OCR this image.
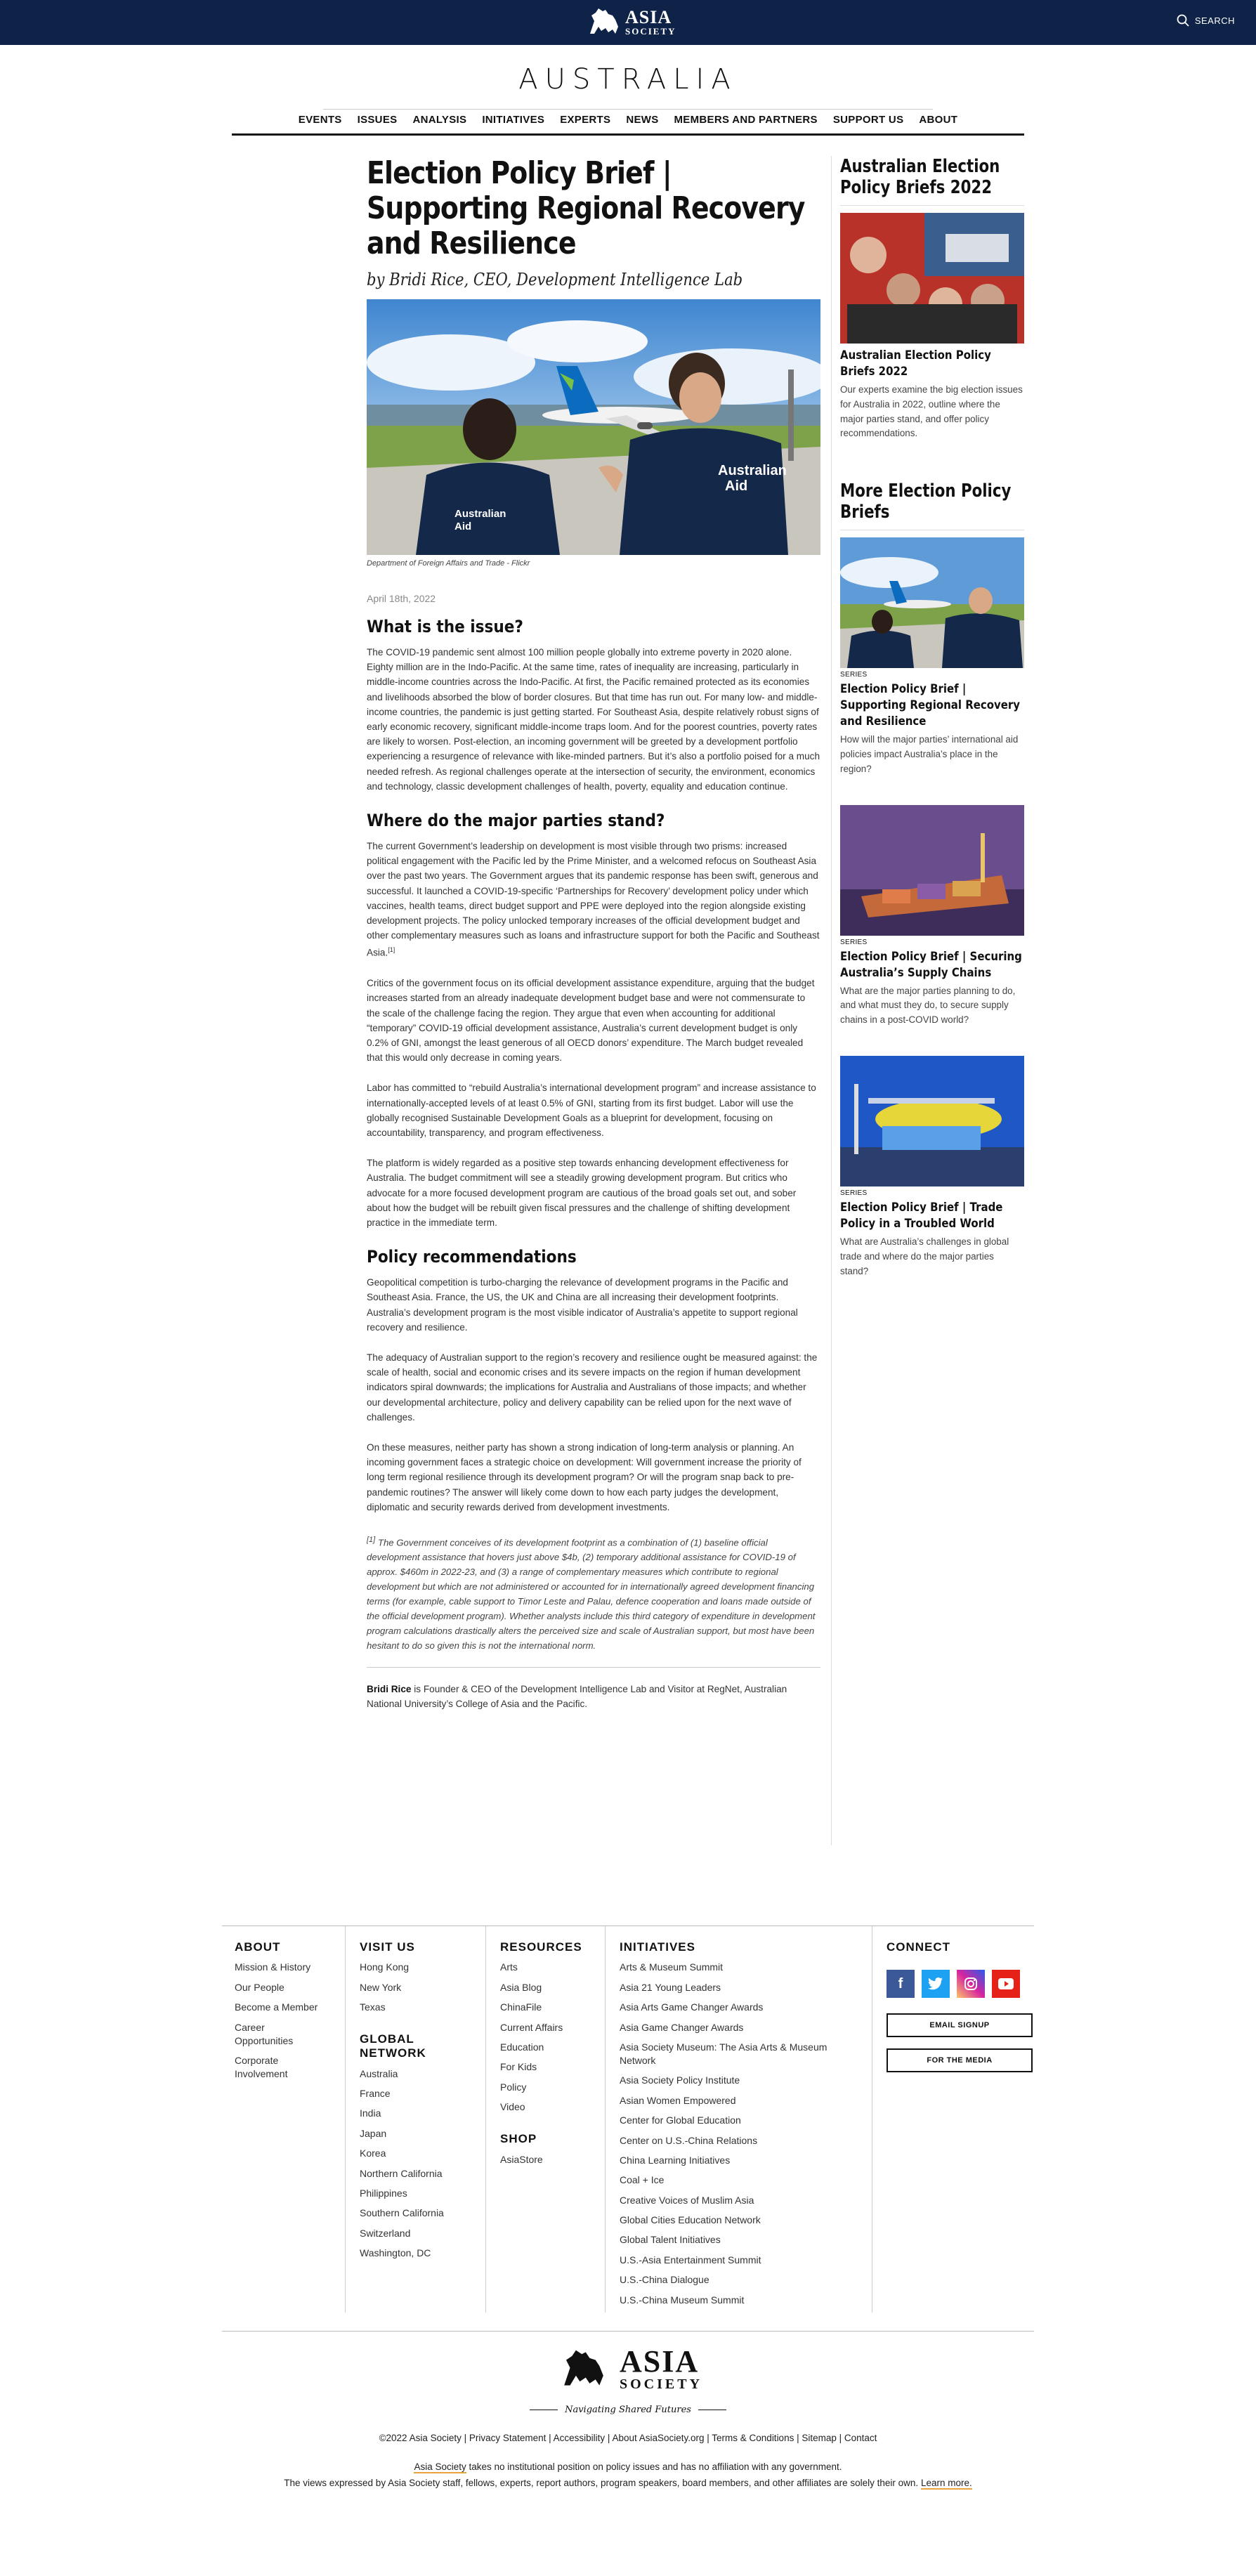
ASIA
SOCIETY
SEARCH
AUSTRALIA
EVENTS ISSUES ANALYSIS INITIATIVES EXPERTS NEWS MEMBERS AND PARTNERS SUPPORT US ABOUT
Election Policy Brief | Supporting Regional Recovery and Resilience
by Bridi Rice, CEO, Development Intelligence Lab
Australian
Aid
Australian
Aid
Department of Foreign Affairs and Trade - Flickr
April 18th, 2022
What is the issue?

The COVID-19 pandemic sent almost 100 million people globally into extreme poverty in 2020 alone. Eighty million are in the Indo-Pacific. At the same time, rates of inequality are increasing, particularly in middle-income countries across the Indo-Pacific. At first, the Pacific remained protected as its economies and livelihoods absorbed the blow of border closures. But that time has run out. For many low- and middle-income countries, the pandemic is just getting started. For Southeast Asia, despite relatively robust signs of early economic recovery, significant middle-income traps loom. And for the poorest countries, poverty rates are likely to worsen. Post-election, an incoming government will be greeted by a development portfolio experiencing a resurgence of relevance with like-minded partners. But it’s also a portfolio poised for a much needed refresh. As regional challenges operate at the intersection of security, the environment, economics and technology, classic development challenges of health, poverty, equality and education continue.

Where do the major parties stand?

The current Government’s leadership on development is most visible through two prisms: increased political engagement with the Pacific led by the Prime Minister, and a welcomed refocus on Southeast Asia over the past two years. The Government argues that its pandemic response has been swift, generous and successful. It launched a COVID-19-specific ‘Partnerships for Recovery’ development policy under which vaccines, health teams, direct budget support and PPE were deployed into the region alongside existing development projects. The policy unlocked temporary increases of the official development budget and other complementary measures such as loans and infrastructure support for both the Pacific and Southeast Asia.[1]

Critics of the government focus on its official development assistance expenditure, arguing that the budget increases started from an already inadequate development budget base and were not commensurate to the scale of the challenge facing the region. They argue that even when accounting for additional “temporary” COVID-19 official development assistance, Australia’s current development budget is only 0.2% of GNI, amongst the least generous of all OECD donors’ expenditure. The March budget revealed that this would only decrease in coming years.

Labor has committed to “rebuild Australia’s international development program” and increase assistance to internationally-accepted levels of at least 0.5% of GNI, starting from its first budget. Labor will use the globally recognised Sustainable Development Goals as a blueprint for development, focusing on accountability, transparency, and program effectiveness.

The platform is widely regarded as a positive step towards enhancing development effectiveness for Australia. The budget commitment will see a steadily growing development program. But critics who advocate for a more focused development program are cautious of the broad goals set out, and sober about how the budget will be rebuilt given fiscal pressures and the challenge of shifting development practice in the immediate term.

Policy recommendations

Geopolitical competition is turbo-charging the relevance of development programs in the Pacific and Southeast Asia. France, the US, the UK and China are all increasing their development footprints. Australia’s development program is the most visible indicator of Australia’s appetite to support regional recovery and resilience.

The adequacy of Australian support to the region’s recovery and resilience ought be measured against: the scale of health, social and economic crises and its severe impacts on the region if human development indicators spiral downwards; the implications for Australia and Australians of those impacts; and whether our developmental architecture, policy and delivery capability can be relied upon for the next wave of challenges.

On these measures, neither party has shown a strong indication of long-term analysis or planning. An incoming government faces a strategic choice on development: Will government increase the priority of long term regional resilience through its development program? Or will the program snap back to pre-pandemic routines? The answer will likely come down to how each party judges the development, diplomatic and security rewards derived from development investments.

[1] The Government conceives of its development footprint as a combination of (1) baseline official development assistance that hovers just above $4b, (2) temporary additional assistance for COVID-19 of approx. $460m in 2022-23, and (3) a range of complementary measures which contribute to regional development but which are not administered or accounted for in internationally agreed development financing terms (for example, cable support to Timor Leste and Palau, defence cooperation and loans made outside of the official development program). Whether analysts include this third category of expenditure in development program calculations drastically alters the perceived size and scale of Australian support, but most have been hesitant to do so given this is not the international norm.

Bridi Rice is Founder & CEO of the Development Intelligence Lab and Visitor at RegNet, Australian National University’s College of Asia and the Pacific.

Australian Election Policy Briefs 2022
Australian Election Policy Briefs 2022
Our experts examine the big election issues for Australia in 2022, outline where the major parties stand, and offer policy recommendations.
More Election Policy Briefs
SERIES
Election Policy Brief | Supporting Regional Recovery and Resilience
How will the major parties’ international aid policies impact Australia’s place in the region?
SERIES
Election Policy Brief | Securing Australia’s Supply Chains
What are the major parties planning to do, and what must they do, to secure supply chains in a post-COVID world?
SERIES
Election Policy Brief | Trade Policy in a Troubled World
What are Australia’s challenges in global trade and where do the major parties stand?
ABOUT
Mission & History
Our People
Become a Member
Career Opportunities
Corporate Involvement
VISIT US
Hong Kong
New York
Texas
GLOBAL NETWORK
Australia
France
India
Japan
Korea
Northern California
Philippines
Southern California
Switzerland
Washington, DC
RESOURCES
Arts
Asia Blog
ChinaFile
Current Affairs
Education
For Kids
Policy
Video
SHOP
AsiaStore
INITIATIVES
Arts & Museum Summit
Asia 21 Young Leaders
Asia Arts Game Changer Awards
Asia Game Changer Awards
Asia Society Museum: The Asia Arts & Museum Network
Asia Society Policy Institute
Asian Women Empowered
Center for Global Education
Center on U.S.-China Relations
China Learning Initiatives
Coal + Ice
Creative Voices of Muslim Asia
Global Cities Education Network
Global Talent Initiatives
U.S.-Asia Entertainment Summit
U.S.-China Dialogue
U.S.-China Museum Summit
CONNECT
f
EMAIL SIGNUP
FOR THE MEDIA
ASIA
SOCIETY
Navigating Shared Futures
©2022 Asia Society | Privacy Statement | Accessibility | About AsiaSociety.org | Terms & Conditions | Sitemap | Contact
Asia Society takes no institutional position on policy issues and has no affiliation with any government.
The views expressed by Asia Society staff, fellows, experts, report authors, program speakers, board members, and other affiliates are solely their own. Learn more.
